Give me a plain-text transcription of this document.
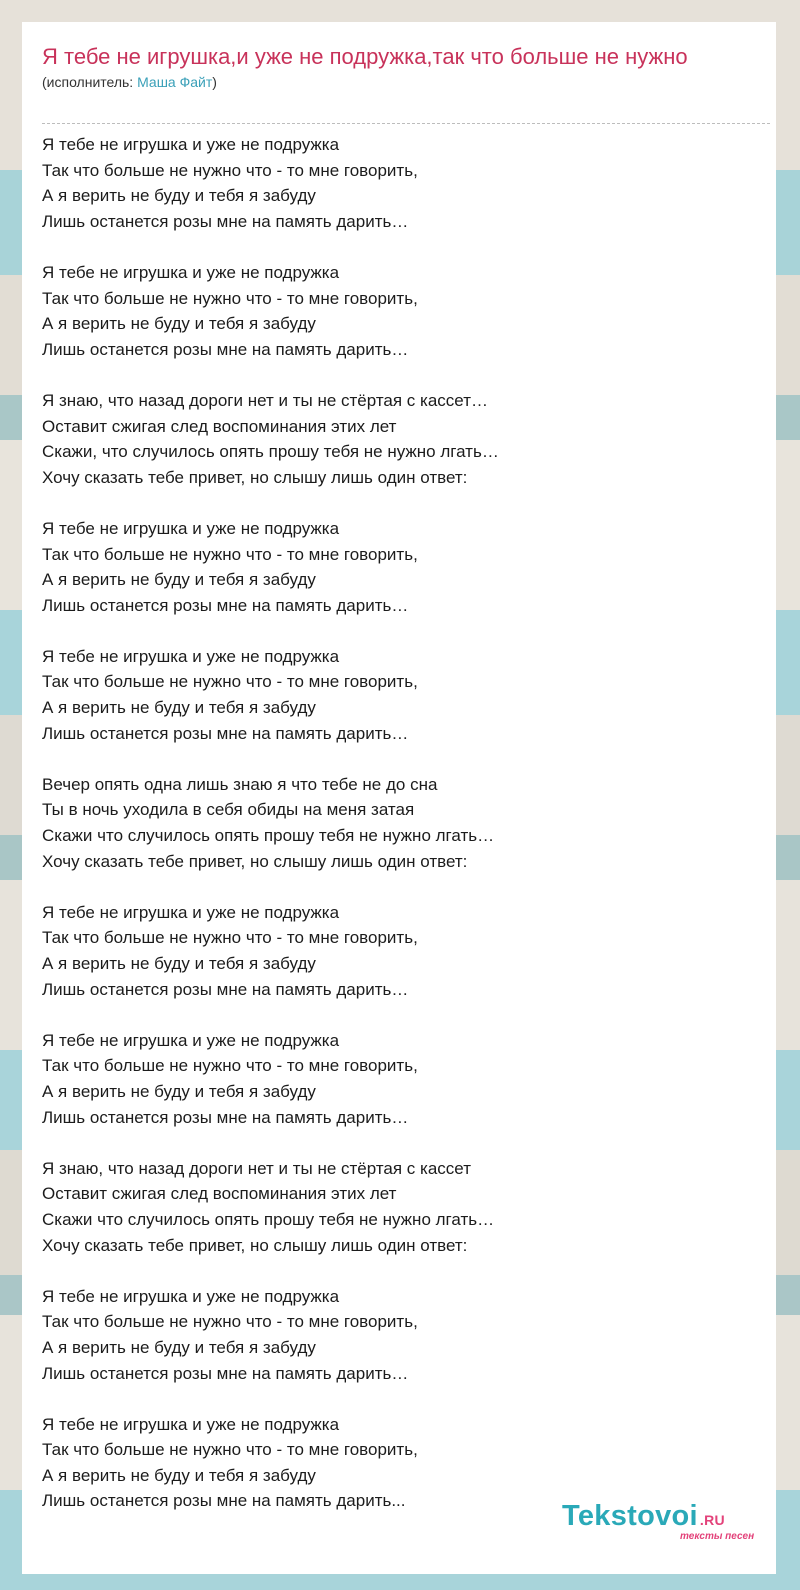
Я тебе не игрушка,и уже не подружка,так что больше не нужно
(исполнитель: Маша Файт)
Я тебе не игрушка и уже не подружка
Так что больше не нужно что - то мне говорить,
А я верить не буду и тебя я забуду
Лишь останется розы мне на память дарить…
Я тебе не игрушка и уже не подружка
Так что больше не нужно что - то мне говорить,
А я верить не буду и тебя я забуду
Лишь останется розы мне на память дарить…
Я знаю, что назад дороги нет и ты не стёртая с кассет…
Оставит сжигая след воспоминания этих лет
Скажи, что случилось опять прошу тебя не нужно лгать…
Хочу сказать тебе привет, но слышу лишь один ответ:
Я тебе не игрушка и уже не подружка
Так что больше не нужно что - то мне говорить,
А я верить не буду и тебя я забуду
Лишь останется розы мне на память дарить…
Я тебе не игрушка и уже не подружка
Так что больше не нужно что - то мне говорить,
А я верить не буду и тебя я забуду
Лишь останется розы мне на память дарить…
Вечер опять одна лишь знаю я что тебе не до сна
Ты в ночь уходила в себя обиды на меня затая
Скажи что случилось опять прошу тебя не нужно лгать…
Хочу сказать тебе привет, но слышу лишь один ответ:
Я тебе не игрушка и уже не подружка
Так что больше не нужно что - то мне говорить,
А я верить не буду и тебя я забуду
Лишь останется розы мне на память дарить…
Я тебе не игрушка и уже не подружка
Так что больше не нужно что - то мне говорить,
А я верить не буду и тебя я забуду
Лишь останется розы мне на память дарить…
Я знаю, что назад дороги нет и ты не стёртая с кассет
Оставит сжигая след воспоминания этих лет
Скажи что случилось опять прошу тебя не нужно лгать…
Хочу сказать тебе привет, но слышу лишь один ответ:
Я тебе не игрушка и уже не подружка
Так что больше не нужно что - то мне говорить,
А я верить не буду и тебя я забуду
Лишь останется розы мне на память дарить…
Я тебе не игрушка и уже не подружка
Так что больше не нужно что - то мне говорить,
А я верить не буду и тебя я забуду
Лишь останется розы мне на память дарить...	Tekstovoi .RU
тексты песен
